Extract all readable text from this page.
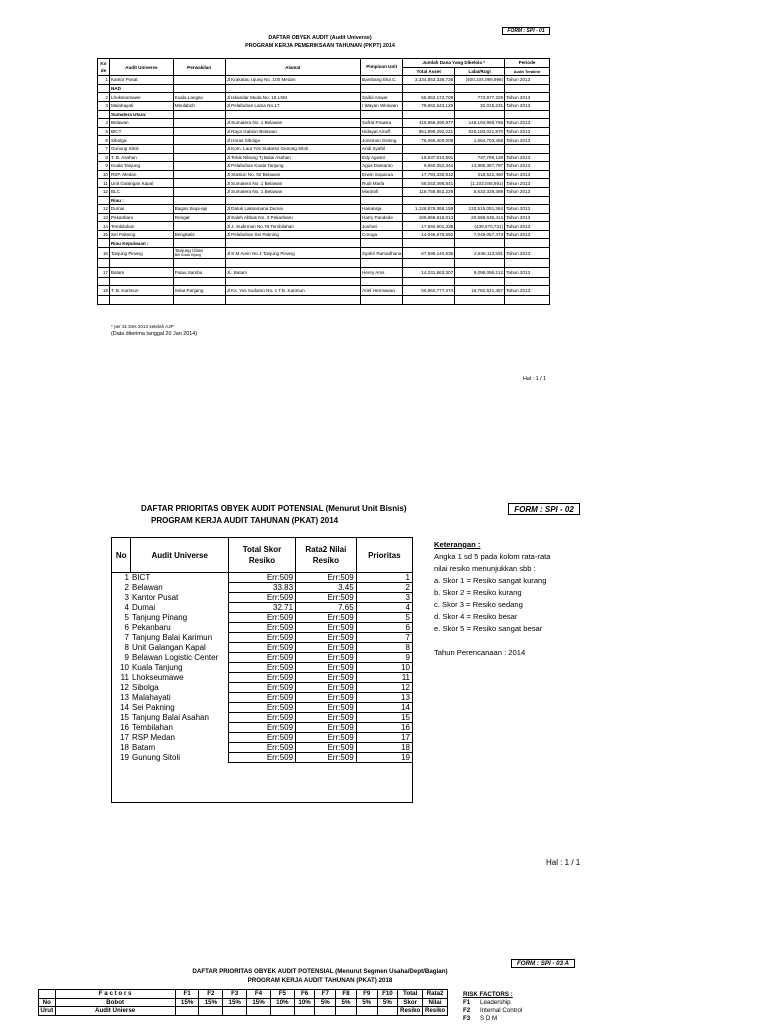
FORM : SPI - 01
DAFTAR OBYEK AUDIT (Audit Universe)
PROGRAM KERJA PEMERIKSAAN TAHUNAN (PKPT) 2014
Ko de	Audit Universe	Perwakilan	Alamat	Pimpinan Unit	Jumlah Dana Yang Dikelola *		Periode
					Total Asset	Laba/Rugi	Audit Terakhir
1	Kantor Pusat		Jl Krakatau Ujung No. 100 Medan	Bambang Eka C.	3,334,853,336,738	(400,104,099,996)	Tahun 2013
	NAD						
2	Lhokseumawe	Kuala Langsa	Jl Iskandar Muda No. 18 LSM	Saiful Anwar	55,952,172,709	773,977,229	Tahun 2013
3	Malahayati	Meulaboh	Jl Pelabuhan Lama No.17	I Wayan Wirawan	79,662,643,126	32,015,231	Tahun 2013
	Sumatera Utara:						
4	Belawan		Jl Sumatera No. 1 Belawan	Safrat Prawira	415,956,290,977	146,193,868,765	Tahun 2013
5	BICT		Jl Raya Gabion Belawan	Hidayat Alcaff	951,899,292,221	520,183,021,970	Tahun 2013
6	Sibolga		Jl Horas Sibolga	Jonsman Ginting	76,065,400,009	1,564,703,458	Tahun 2013
7	Gunung Sitoli		Jl.Kom. Laut Yos Sudarso Gunung Sitoli	Andi Syafril			
8	T. B. Asahan		Jl Teluk Nibung Tj Balai Asahan	Edy Agusni	18,637,010,991	737,768,128	Tahun 2013
9	Kuala Tanjung		Jl Pelabuhan Kuala Tanjung	Agus Dwisanto	9,850,052,344	13,885,357,797	Tahun 2013
10	RSP. Medan		Jl Stasiun No. 92 Belawan	Erwin Sopacua	17,794,330,912	218,522,460	Tahun 2013
11	Unit Galangan Kapal		Jl Sumatera No. 1 Belawan	Rudi Marla	56,043,496,841	(1,103,045,891)	Tahun 2013
12	BLC		Jl Sumatera No. 1 Belawan	Mardiofi	118,758,852,229	5,633,328,389	Tahun 2013
	Riau :						
12	Dumai	Bagan Siapi-api	Jl Datuk Laksamana Dumai	Hariansja	1,126,876,366,159	133,515,051,364	Tahun 2013
13	Pekanbaru	Rengat	Jl Saleh Abbas No. 3 Pekanbaru	Harry Pandede	169,866,616,013	20,668,636,414	Tahun 2013
14	Tembilahan		Jl J. Sudirman No.76 Tembilahan	Jouhari	17,592,901,338	(439,570,731)	Tahun 2013
15	Sei Pakning	Bengkalis	Jl Pelabuhan Sei Pakning	Coroga	14,046,678,592	7,049,057,473	Tahun 2013
	Riau Kepulauan :						
16	Tanjung Pinang	Tanjung Uban
Bei Kolak Kijang	Jl S M Amin No.1 Tanjung Pinang	Syahri Ramadhana	67,598,140,535	2,548,113,591	Tahun 2013

17	Batam	Pulau Sambu	Jl.. Batam	Henry Ams	14,231,863,307	9,099,096,212	Tahun 2013

18	T. B. Karimun	Selat Panjang	Jl Ks. Yos Sudarso No. 1 T.B. Karimun	Arief Hermawan	50,562,777,474	16,782,621,457	Tahun 2013

* per 31 Des 2013 setelah AJP
(Data diterima tanggal 20 Jan 2014)
Hal : 1 / 1
FORM : SPI - 02
DAFTAR PRIORITAS OBYEK AUDIT POTENSIAL (Menurut Unit Bisnis)
PROGRAM KERJA AUDIT TAHUNAN (PKAT) 2014
No	Audit Universe	Total Skor Resiko	Rata2 Nilai Resiko	Prioritas
1	BICT	Err:509	Err:509	1
2	Belawan	33.83	3.45	2
3	Kantor Pusat	Err:509	Err:509	3
4	Dumai	32.71	7.65	4
5	Tanjung Pinang	Err:509	Err:509	5
6	Pekanbaru	Err:509	Err:509	6
7	Tanjung Balai Karimun	Err:509	Err:509	7
8	Unit Galangan Kapal	Err:509	Err:509	8
9	Belawan Logistic Center	Err:509	Err:509	9
10	Kuala Tanjung	Err:509	Err:509	10
11	Lhokseumawe	Err:509	Err:509	11
12	Sibolga	Err:509	Err:509	12
13	Malahayati	Err:509	Err:509	13
14	Sei Pakning	Err:509	Err:509	14
15	Tanjung Balai Asahan	Err:509	Err:509	15
16	Tembilahan	Err:509	Err:509	16
17	RSP Medan	Err:509	Err:509	17
18	Batam	Err:509	Err:509	18
19	Gunung Sitoli	Err:509	Err:509	19

Keterangan :
Angka 1 sd 5 pada kolom rata-rata
nilai resiko menunjukkan sbb :
a. Skor 1 = Resiko sangat kurang
b. Skor 2 = Resiko kurang
c. Skor 3 = Resiko sedang
d. Skor 4 = Resiko besar
e. Skor 5 = Resiko sangat besar
Tahun Perencanaan : 2014
Hal : 1 / 1
FORM : SPI - 03 A
DAFTAR PRIORITAS OBYEK AUDIT POTENSIAL (Menurut Segmen Usaha/Dept/Bagian)
PROGRAM KERJA AUDIT TAHUNAN (PKAT) 2018
	F a c t o r s	F1	F2	F3	F4	F5	F6	F7	F8	F9	F10	Total	Rata2
No	Bobot	15%	15%	15%	15%	10%	10%	5%	5%	5%	5%	Skor	Nilai
Urut	Audit Unierse											Resiko	Resiko
RISK FACTORS :
F1 Leadership
F2 Internal Control
F3 S D M
